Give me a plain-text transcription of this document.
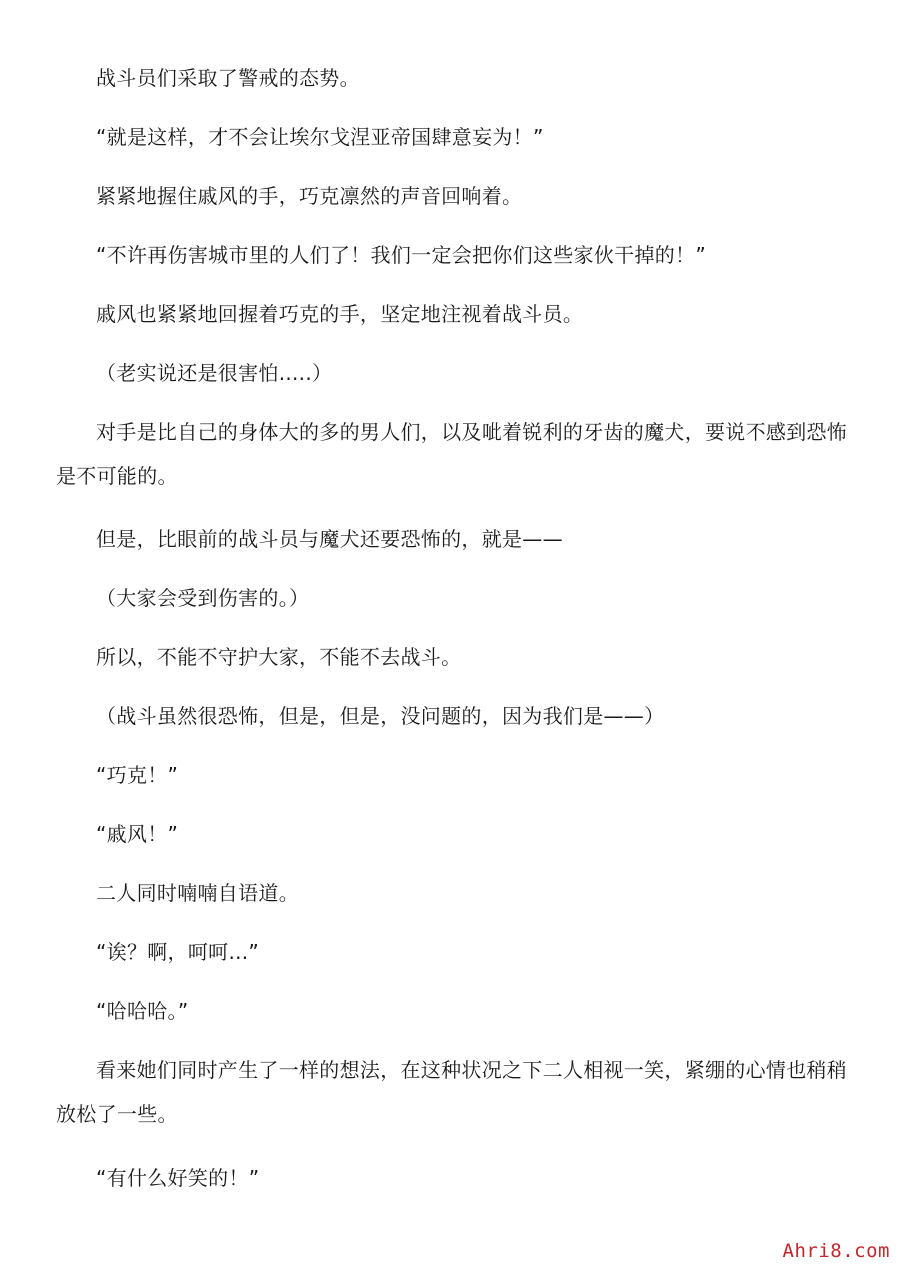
战斗员们采取了警戒的态势。

“就是这样，才不会让埃尔戈涅亚帝国肆意妄为！”

紧紧地握住戚风的手，巧克凛然的声音回响着。

“不许再伤害城市里的人们了！我们一定会把你们这些家伙干掉的！”

戚风也紧紧地回握着巧克的手，坚定地注视着战斗员。

（老实说还是很害怕.....）

对手是比自己的身体大的多的男人们，以及呲着锐利的牙齿的魔犬，要说不感到恐怖是不可能的。

但是，比眼前的战斗员与魔犬还要恐怖的，就是——

（大家会受到伤害的。）

所以，不能不守护大家，不能不去战斗。

（战斗虽然很恐怖，但是，但是，没问题的，因为我们是——）

“巧克！”

“戚风！”

二人同时喃喃自语道。

“诶？啊，呵呵...”

“哈哈哈。”

看来她们同时产生了一样的想法，在这种状况之下二人相视一笑，紧绷的心情也稍稍放松了一些。

“有什么好笑的！”

Ahri8.com
